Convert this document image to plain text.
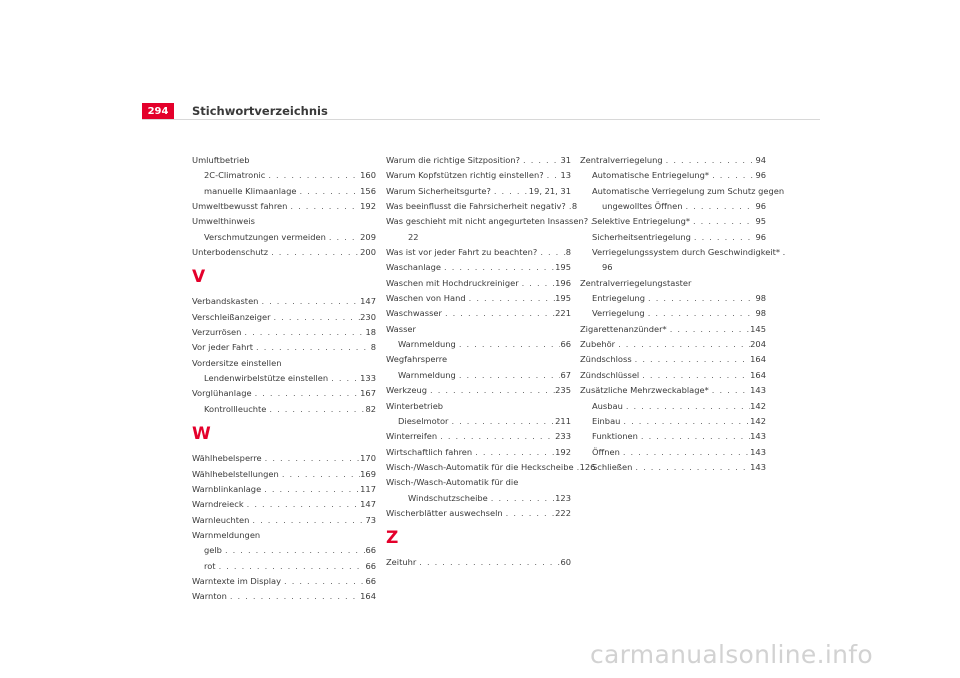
294	Stichwortverzeichnis
Umluftbetrieb
2C-Climatronic . . .	160
manuelle Klimaanlage . . .	156
Umweltbewusst fahren . . .	192
Umwelthinweis
Verschmutzungen vermeiden . . .	209
Unterbodenschutz . . .	200
V
Verbandskasten . . .	147
Verschleißanzeiger . . .	230
Verzurrösen . . .	18
Vor jeder Fahrt . . .	8
Vordersitze einstellen
Lendenwirbelstütze einstellen . . .	133
Vorglühanlage . . .	167
Kontrollleuchte . . .	82
W
Wählhebelsperre . . .	170
Wählhebelstellungen . . .	169
Warnblinkanlage . . .	117
Warndreieck . . .	147
Warnleuchten . . .	73
Warnmeldungen
gelb . . .	66
rot . . .	66
Warntexte im Display . . .	66
Warnton . . .	164
Warum die richtige Sitzposition? . . .	31
Warum Kopfstützen richtig einstellen? . . . 13
Warum Sicherheitsgurte? . . .	19, 21, 31
Was beeinflusst die Fahrsicherheit negativ? . . . 8
Was geschieht mit nicht angegurteten Insassen? .
22
Was ist vor jeder Fahrt zu beachten? . . .	8
Waschanlage . . .	195
Waschen mit Hochdruckreiniger . . .	196
Waschen von Hand . . .	195
Waschwasser . . .	221
Wasser
Warnmeldung . . .	66
Wegfahrsperre
Warnmeldung . . .	67
Werkzeug . . .	235
Winterbetrieb
Dieselmotor . . .	211
Winterreifen . . .	233
Wirtschaftlich fahren . . .	192
Wisch-/Wasch-Automatik für die Heckscheibe . . . 126
Wisch-/Wasch-Automatik für die
Windschutzscheibe . . .	123
Wischerblätter auswechseln . . .	222
Z
Zeituhr . . .	60
Zentralverriegelung . . .	94
Automatische Entriegelung* . . .	96
Automatische Verriegelung zum Schutz gegen
ungewolltes Öffnen . . .	96
Selektive Entriegelung* . . .	95
Sicherheitsentriegelung . . .	96
Verriegelungssystem durch Geschwindigkeit* .
96
Zentralverriegelungstaster
Entriegelung . . .	98
Verriegelung . . .	98
Zigarettenanzünder* . . .	145
Zubehör . . .	204
Zündschloss . . .	164
Zündschlüssel . . .	164
Zusätzliche Mehrzweckablage* . . .	143
Ausbau . . .	142
Einbau . . .	142
Funktionen . . .	143
Öffnen . . .	143
Schließen . . .	143
carmanualsonline.info
